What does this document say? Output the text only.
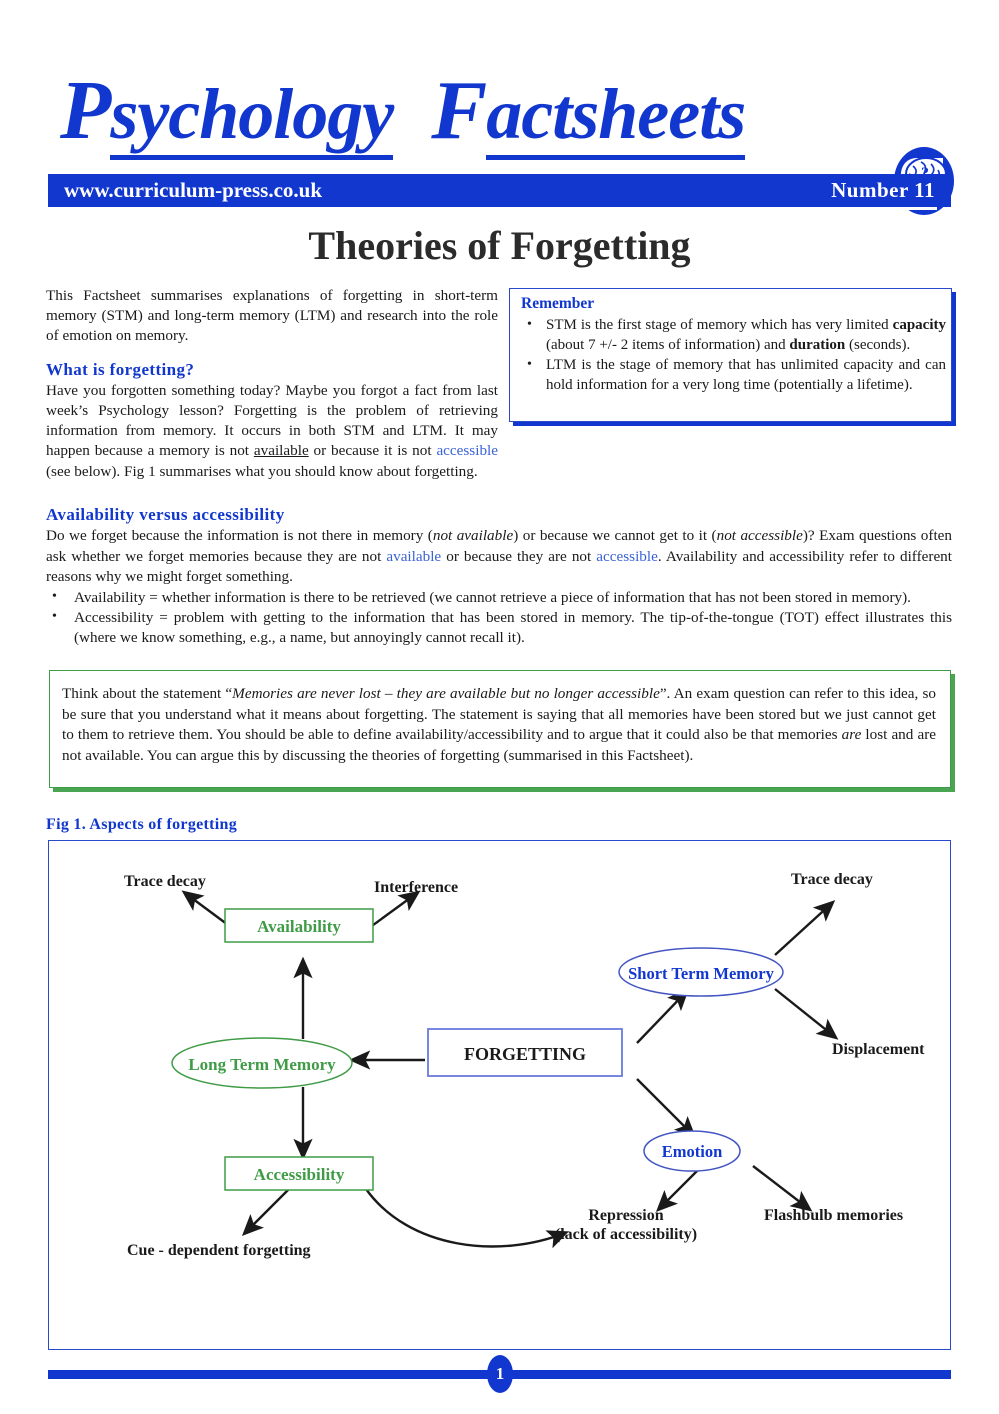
Psychology Factsheets
www.curriculum-press.co.uk	Number 11
Theories of Forgetting

This Factsheet summarises explanations of forgetting in short-term memory (STM) and long-term memory (LTM) and research into the role of emotion on memory.

What is forgetting?

Have you forgotten something today? Maybe you forgot a fact from last week’s Psychology lesson? Forgetting is the problem of retrieving information from memory. It occurs in both STM and LTM. It may happen because a memory is not available or because it is not accessible (see below). Fig 1 summarises what you should know about forgetting.

Remember
• STM is the first stage of memory which has very limited capacity (about 7 +/- 2 items of information) and duration (seconds).
• LTM is the stage of memory that has unlimited capacity and can hold information for a very long time (potentially a lifetime).
Availability versus accessibility

Do we forget because the information is not there in memory (not available) or because we cannot get to it (not accessible)? Exam questions often ask whether we forget memories because they are not available or because they are not accessible. Availability and accessibility refer to different reasons why we might forget something.

• Availability = whether information is there to be retrieved (we cannot retrieve a piece of information that has not been stored in memory).
• Accessibility = problem with getting to the information that has been stored in memory. The tip-of-the-tongue (TOT) effect illustrates this (where we know something, e.g., a name, but annoyingly cannot recall it).
Think about the statement “Memories are never lost – they are available but no longer accessible”. An exam question can refer to this idea, so be sure that you understand what it means about forgetting. The statement is saying that all memories have been stored but we just cannot get to them to retrieve them. You should be able to define availability/accessibility and to argue that it could also be that memories are lost and are not available. You can argue this by discussing the theories of forgetting (summarised in this Factsheet).
Fig 1. Aspects of forgetting
Availability
Long Term Memory
Accessibility
FORGETTING
Short Term Memory
Emotion
Trace decay	Interference	Trace decay
Displacement
Cue - dependent forgetting
Repression
(lack of accessibility)
Flashbulb memories
1
